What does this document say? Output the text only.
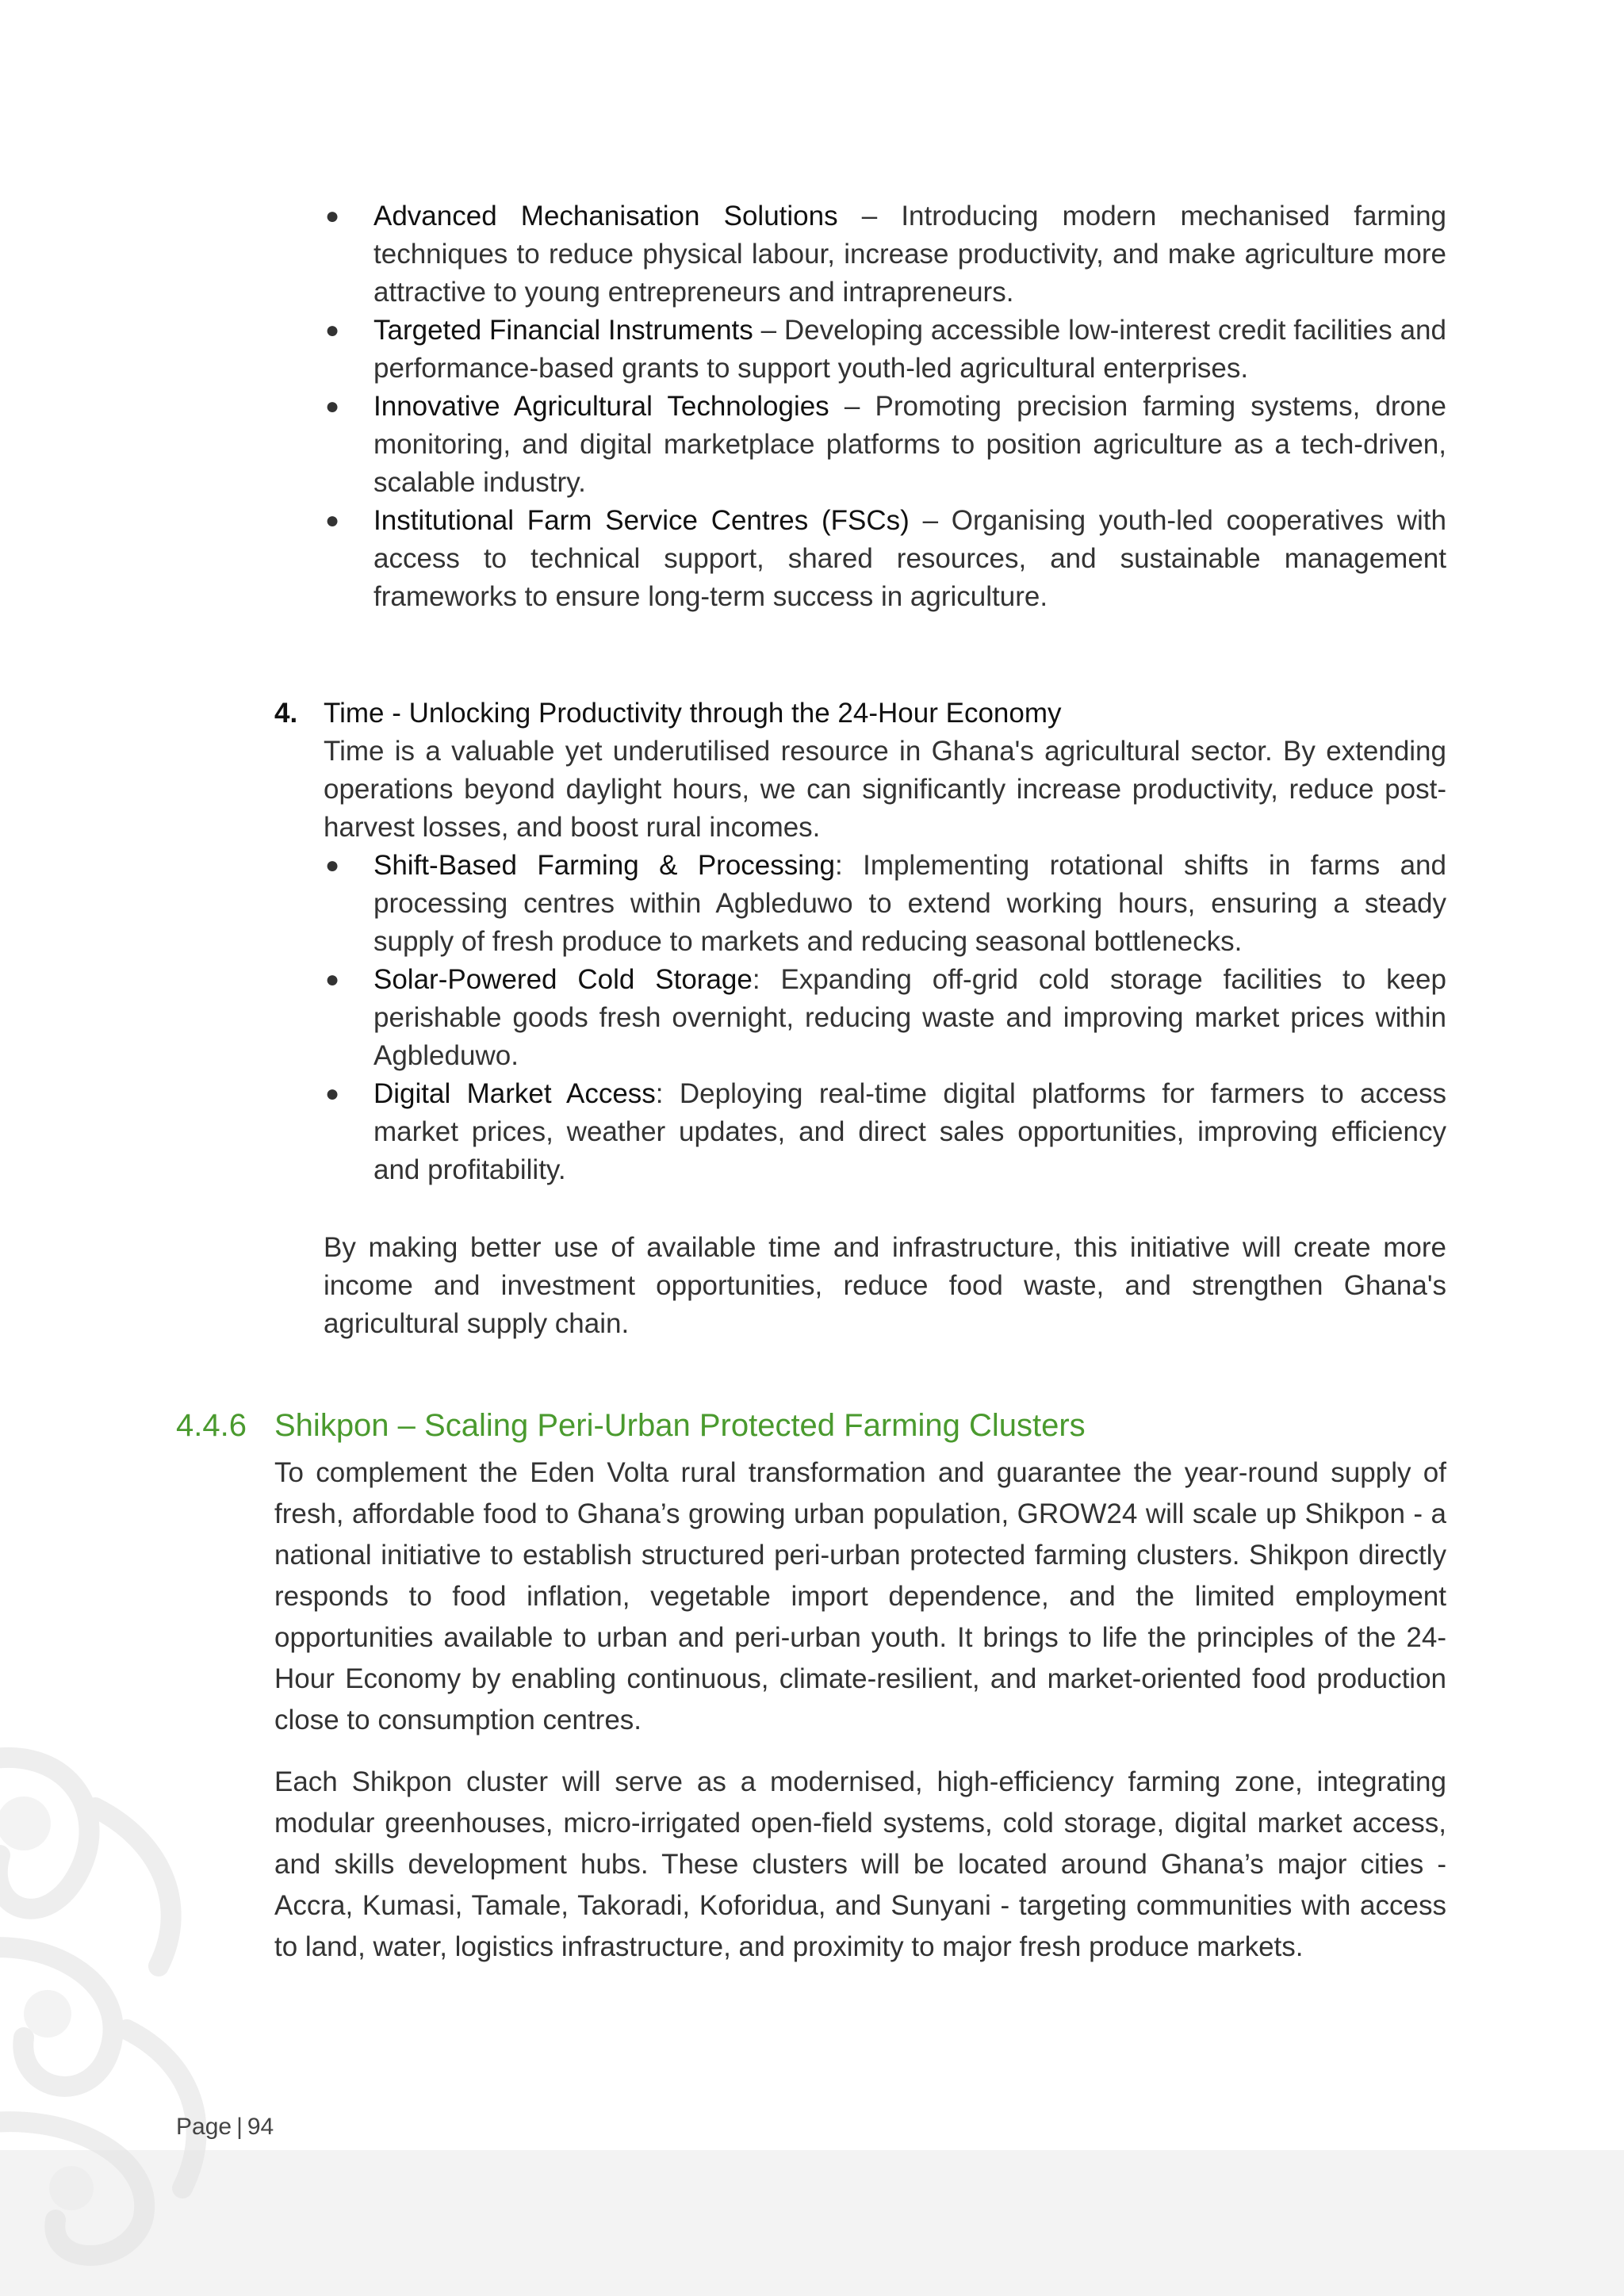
● Advanced Mechanisation Solutions – Introducing modern mechanised farming techniques to reduce physical labour, increase productivity, and make agriculture more attractive to young entrepreneurs and intrapreneurs.
● Targeted Financial Instruments – Developing accessible low-interest credit facilities and performance-based grants to support youth-led agricultural enterprises.
● Innovative Agricultural Technologies – Promoting precision farming systems, drone monitoring, and digital marketplace platforms to position agriculture as a tech-driven, scalable industry.
● Institutional Farm Service Centres (FSCs) – Organising youth-led cooperatives with access to technical support, shared resources, and sustainable management frameworks to ensure long-term success in agriculture.
4. Time - Unlocking Productivity through the 24-Hour Economy

Time is a valuable yet underutilised resource in Ghana's agricultural sector. By extending operations beyond daylight hours, we can significantly increase productivity, reduce post-harvest losses, and boost rural incomes.

● Shift-Based Farming & Processing: Implementing rotational shifts in farms and processing centres within Agbleduwo to extend working hours, ensuring a steady supply of fresh produce to markets and reducing seasonal bottlenecks.
● Solar-Powered Cold Storage: Expanding off-grid cold storage facilities to keep perishable goods fresh overnight, reducing waste and improving market prices within Agbleduwo.
● Digital Market Access: Deploying real-time digital platforms for farmers to access market prices, weather updates, and direct sales opportunities, improving efficiency and profitability.

By making better use of available time and infrastructure, this initiative will create more income and investment opportunities, reduce food waste, and strengthen Ghana's agricultural supply chain.

4.4.6 Shikpon – Scaling Peri-Urban Protected Farming Clusters

To complement the Eden Volta rural transformation and guarantee the year-round supply of fresh, affordable food to Ghana’s growing urban population, GROW24 will scale up Shikpon - a national initiative to establish structured peri-urban protected farming clusters. Shikpon directly responds to food inflation, vegetable import dependence, and the limited employment opportunities available to urban and peri-urban youth. It brings to life the principles of the 24-Hour Economy by enabling continuous, climate-resilient, and market-oriented food production close to consumption centres.

Each Shikpon cluster will serve as a modernised, high-efficiency farming zone, integrating modular greenhouses, micro-irrigated open-field systems, cold storage, digital market access, and skills development hubs. These clusters will be located around Ghana’s major cities - Accra, Kumasi, Tamale, Takoradi, Koforidua, and Sunyani - targeting communities with access to land, water, logistics infrastructure, and proximity to major fresh produce markets.

Page | 94
